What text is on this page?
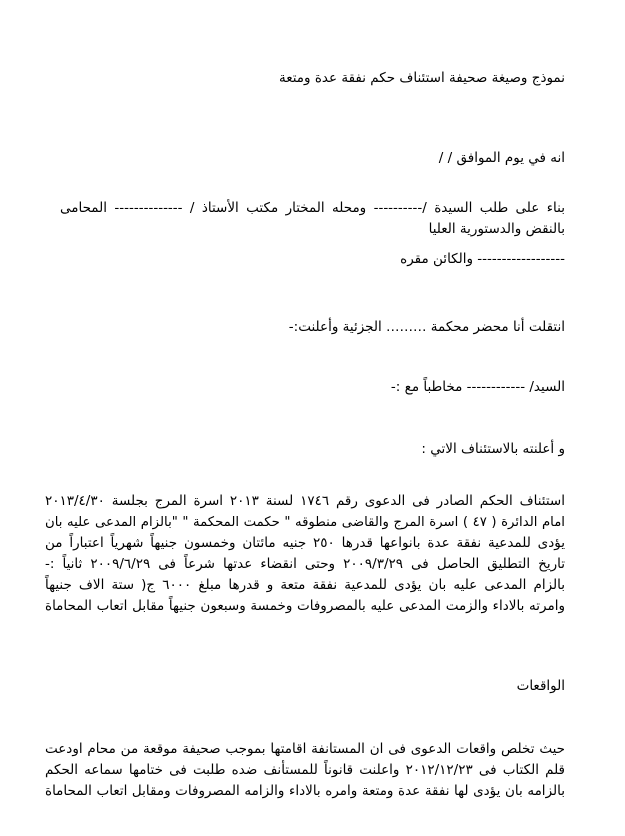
نموذج وصيغة صحيفة استئناف حكم نفقة عدة ومتعة
انه في يوم الموافق / /
بناء على طلب السيدة /---------- ومحله المختار مكتب الأستاذ / -------------- المحامى
بالنقض والدستورية العليا
------------------ والكائن مقره
انتقلت أنا محضر محكمة ……… الجزئية وأعلنت:-
السيد/ ------------ مخاطباً مع :-
و أعلنته بالاستئناف الاتي :
استئناف الحكم الصادر فى الدعوى رقم ١٧٤٦ لسنة ٢٠١٣ اسرة المرج بجلسة ٢٠١٣/٤/٣٠
امام الدائرة ( ٤٧ ) اسرة المرج والقاضى منطوقه " حكمت المحكمة " "بالزام المدعى عليه بان
يؤدى للمدعية نفقة عدة بانواعها قدرها ٢٥٠ جنيه مائتان وخمسون جنيهاً شهرياً اعتباراً من
تاريخ التطليق الحاصل فى ٢٠٠٩/٣/٢٩ وحتى انقضاء عدتها شرعاً فى ٢٠٠٩/٦/٢٩ ثانياً :-
بالزام المدعى عليه بان يؤدى للمدعية نفقة متعة و قدرها مبلغ ٦٠٠٠ ج( ستة الاف جنيهاً
وامرته بالاداء والزمت المدعى عليه بالمصروفات وخمسة وسبعون جنيهاً مقابل اتعاب المحاماة
الواقعات
حيث تخلص واقعات الدعوى فى ان المستانفة اقامتها بموجب صحيفة موقعة من محام اودعت
قلم الكتاب فى ٢٠١٢/١٢/٢٣ واعلنت قانوناً للمستأنف ضده طلبت فى ختامها سماعه الحكم
بالزامه بان يؤدى لها نفقة عدة ومتعة وامره بالاداء والزامه المصروفات ومقابل اتعاب المحاماة
